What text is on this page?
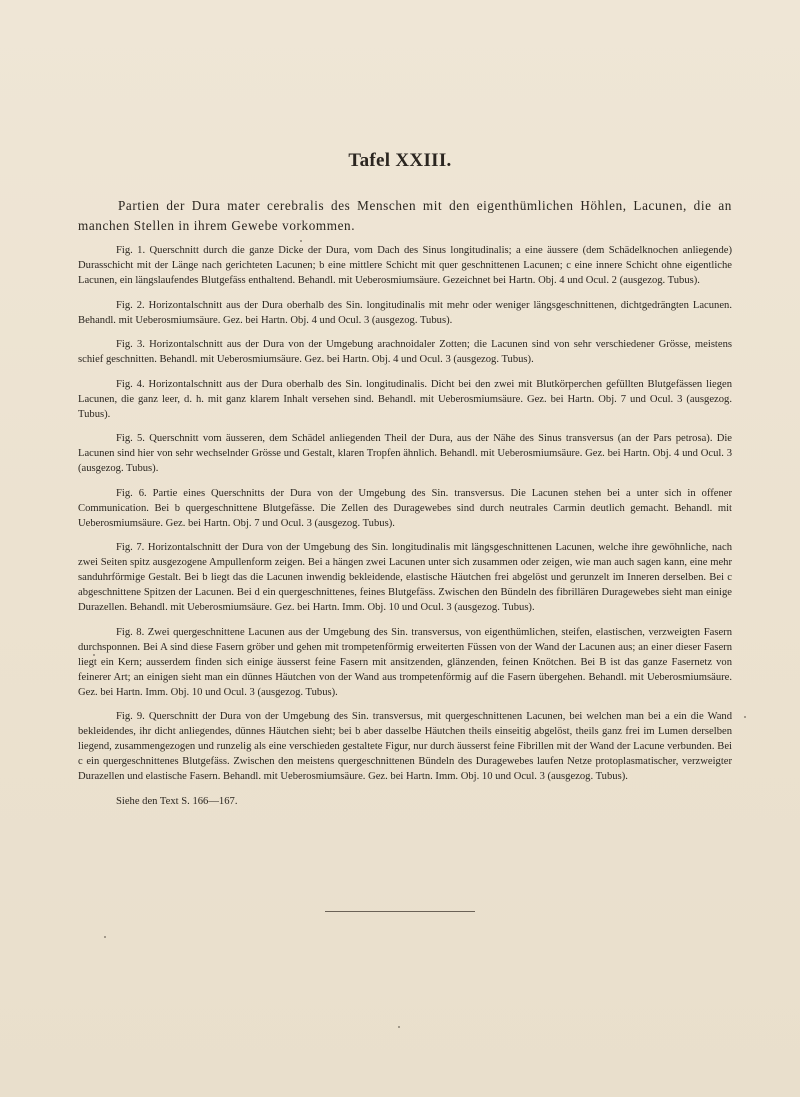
Tafel XXIII.
Partien der Dura mater cerebralis des Menschen mit den eigenthümlichen Höhlen, Lacunen, die an manchen Stellen in ihrem Gewebe vorkommen.

Fig. 1. Querschnitt durch die ganze Dicke der Dura, vom Dach des Sinus longitudinalis; a eine äussere (dem Schädelknochen anliegende) Durasschicht mit der Länge nach gerichteten Lacunen; b eine mittlere Schicht mit quer geschnittenen Lacunen; c eine innere Schicht ohne eigentliche Lacunen, ein längslaufendes Blutgefäss enthaltend. Behandl. mit Ueberosmiumsäure. Gezeichnet bei Hartn. Obj. 4 und Ocul. 2 (ausgezog. Tubus).

Fig. 2. Horizontalschnitt aus der Dura oberhalb des Sin. longitudinalis mit mehr oder weniger längsgeschnittenen, dichtgedrängten Lacunen. Behandl. mit Ueberosmiumsäure. Gez. bei Hartn. Obj. 4 und Ocul. 3 (ausgezog. Tubus).

Fig. 3. Horizontalschnitt aus der Dura von der Umgebung arachnoidaler Zotten; die Lacunen sind von sehr verschiedener Grösse, meistens schief geschnitten. Behandl. mit Ueberosmiumsäure. Gez. bei Hartn. Obj. 4 und Ocul. 3 (ausgezog. Tubus).

Fig. 4. Horizontalschnitt aus der Dura oberhalb des Sin. longitudinalis. Dicht bei den zwei mit Blutkörperchen gefüllten Blutgefässen liegen Lacunen, die ganz leer, d. h. mit ganz klarem Inhalt versehen sind. Behandl. mit Ueberosmiumsäure. Gez. bei Hartn. Obj. 7 und Ocul. 3 (ausgezog. Tubus).

Fig. 5. Querschnitt vom äusseren, dem Schädel anliegenden Theil der Dura, aus der Nähe des Sinus transversus (an der Pars petrosa). Die Lacunen sind hier von sehr wechselnder Grösse und Gestalt, klaren Tropfen ähnlich. Behandl. mit Ueberosmiumsäure. Gez. bei Hartn. Obj. 4 und Ocul. 3 (ausgezog. Tubus).

Fig. 6. Partie eines Querschnitts der Dura von der Umgebung des Sin. transversus. Die Lacunen stehen bei a unter sich in offener Communication. Bei b quergeschnittene Blutgefässe. Die Zellen des Duragewebes sind durch neutrales Carmin deutlich gemacht. Behandl. mit Ueberosmiumsäure. Gez. bei Hartn. Obj. 7 und Ocul. 3 (ausgezog. Tubus).

Fig. 7. Horizontalschnitt der Dura von der Umgebung des Sin. longitudinalis mit längsgeschnittenen Lacunen, welche ihre gewöhnliche, nach zwei Seiten spitz ausgezogene Ampullenform zeigen. Bei a hängen zwei Lacunen unter sich zusammen oder zeigen, wie man auch sagen kann, eine mehr sanduhrförmige Gestalt. Bei b liegt das die Lacunen inwendig bekleidende, elastische Häutchen frei abgelöst und gerunzelt im Inneren derselben. Bei c abgeschnittene Spitzen der Lacunen. Bei d ein quergeschnittenes, feines Blutgefäss. Zwischen den Bündeln des fibrillären Duragewebes sieht man einige Durazellen. Behandl. mit Ueberosmiumsäure. Gez. bei Hartn. Imm. Obj. 10 und Ocul. 3 (ausgezog. Tubus).

Fig. 8. Zwei quergeschnittene Lacunen aus der Umgebung des Sin. transversus, von eigenthümlichen, steifen, elastischen, verzweigten Fasern durchsponnen. Bei A sind diese Fasern gröber und gehen mit trompetenförmig erweiterten Füssen von der Wand der Lacunen aus; an einer dieser Fasern liegt ein Kern; ausserdem finden sich einige äusserst feine Fasern mit ansitzenden, glänzenden, feinen Knötchen. Bei B ist das ganze Fasernetz von feinerer Art; an einigen sieht man ein dünnes Häutchen von der Wand aus trompetenförmig auf die Fasern übergehen. Behandl. mit Ueberosmiumsäure. Gez. bei Hartn. Imm. Obj. 10 und Ocul. 3 (ausgezog. Tubus).

Fig. 9. Querschnitt der Dura von der Umgebung des Sin. transversus, mit quergeschnittenen Lacunen, bei welchen man bei a ein die Wand bekleidendes, ihr dicht anliegendes, dünnes Häutchen sieht; bei b aber dasselbe Häutchen theils einseitig abgelöst, theils ganz frei im Lumen derselben liegend, zusammengezogen und runzelig als eine verschieden gestaltete Figur, nur durch äusserst feine Fibrillen mit der Wand der Lacune verbunden. Bei c ein quergeschnittenes Blutgefäss. Zwischen den meistens quergeschnittenen Bündeln des Duragewebes laufen Netze protoplasmatischer, verzweigter Durazellen und elastische Fasern. Behandl. mit Ueberosmiumsäure. Gez. bei Hartn. Imm. Obj. 10 und Ocul. 3 (ausgezog. Tubus).

Siehe den Text S. 166—167.
